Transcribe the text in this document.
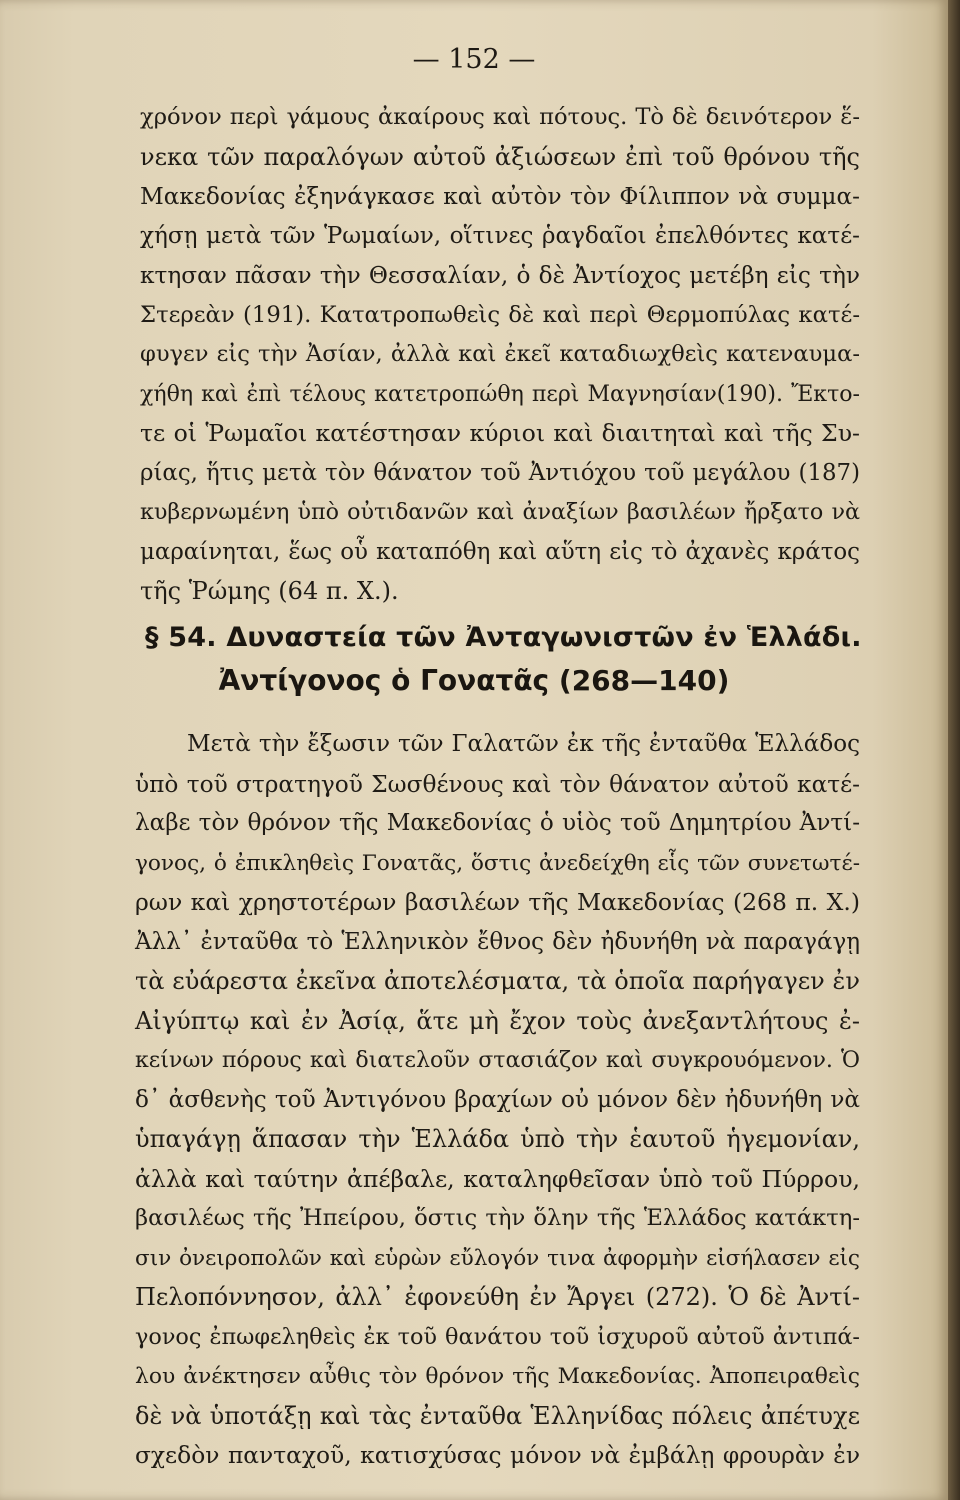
— 152 —
χρόνον περὶ γάμους ἀκαίρους καὶ πότους. Τὸ δὲ δεινότερον ἕ-
νεκα τῶν παραλόγων αὐτοῦ ἀξιώσεων ἐπὶ τοῦ θρόνου τῆς
Μακεδονίας ἐξηνάγκασε καὶ αὐτὸν τὸν Φίλιππον νὰ συμμα-
χήσῃ μετὰ τῶν Ῥωμαίων, οἵτινες ῥαγδαῖοι ἐπελθόντες κατέ-
κτησαν πᾶσαν τὴν Θεσσαλίαν, ὁ δὲ Ἀντίοχος μετέβη εἰς τὴν
Στερεὰν (191). Κατατροπωθεὶς δὲ καὶ περὶ Θερμοπύλας κατέ-
φυγεν εἰς τὴν Ἀσίαν, ἀλλὰ καὶ ἐκεῖ καταδιωχθεὶς κατεναυμα-
χήθη καὶ ἐπὶ τέλους κατετροπώθη περὶ Μαγνησίαν(190). Ἔκτο-
τε οἱ Ῥωμαῖοι κατέστησαν κύριοι καὶ διαιτηταὶ καὶ τῆς Συ-
ρίας, ἥτις μετὰ τὸν θάνατον τοῦ Ἀντιόχου τοῦ μεγάλου (187)
κυβερνωμένη ὑπὸ οὐτιδανῶν καὶ ἀναξίων βασιλέων ἤρξατο νὰ
μαραίνηται, ἕως οὗ καταπόθη καὶ αὕτη εἰς τὸ ἀχανὲς κράτος
τῆς Ῥώμης (64 π. Χ.).
§ 54. Δυναστεία τῶν Ἀνταγωνιστῶν ἐν Ἑλλάδι.
Ἀντίγονος ὁ Γονατᾶς (268—140)
Μετὰ τὴν ἔξωσιν τῶν Γαλατῶν ἐκ τῆς ἐνταῦθα Ἑλλάδος
ὑπὸ τοῦ στρατηγοῦ Σωσθένους καὶ τὸν θάνατον αὐτοῦ κατέ-
λαβε τὸν θρόνον τῆς Μακεδονίας ὁ υἱὸς τοῦ Δημητρίου Ἀντί-
γονος, ὁ ἐπικληθεὶς Γονατᾶς, ὅστις ἀνεδείχθη εἷς τῶν συνετωτέ-
ρων καὶ χρηστοτέρων βασιλέων τῆς Μακεδονίας (268 π. Χ.)
Ἀλλ᾽ ἐνταῦθα τὸ Ἑλληνικὸν ἔθνος δὲν ἠδυνήθη νὰ παραγάγῃ
τὰ εὐάρεστα ἐκεῖνα ἀποτελέσματα, τὰ ὁποῖα παρήγαγεν ἐν
Αἰγύπτῳ καὶ ἐν Ἀσίᾳ, ἅτε μὴ ἔχον τοὺς ἀνεξαντλήτους ἐ-
κείνων πόρους καὶ διατελοῦν στασιάζον καὶ συγκρουόμενον. Ὁ
δ᾽ ἀσθενὴς τοῦ Ἀντιγόνου βραχίων οὐ μόνον δὲν ἠδυνήθη νὰ
ὑπαγάγῃ ἅπασαν τὴν Ἑλλάδα ὑπὸ τὴν ἑαυτοῦ ἡγεμονίαν,
ἀλλὰ καὶ ταύτην ἀπέβαλε, καταληφθεῖσαν ὑπὸ τοῦ Πύρρου,
βασιλέως τῆς Ἠπείρου, ὅστις τὴν ὅλην τῆς Ἑλλάδος κατάκτη-
σιν ὀνειροπολῶν καὶ εὑρὼν εὔλογόν τινα ἀφορμὴν εἰσήλασεν εἰς
Πελοπόννησον, ἀλλ᾽ ἐφονεύθη ἐν Ἄργει (272). Ὁ δὲ Ἀντί-
γονος ἐπωφεληθεὶς ἐκ τοῦ θανάτου τοῦ ἰσχυροῦ αὐτοῦ ἀντιπά-
λου ἀνέκτησεν αὖθις τὸν θρόνον τῆς Μακεδονίας. Ἀποπειραθεὶς
δὲ νὰ ὑποτάξῃ καὶ τὰς ἐνταῦθα Ἑλληνίδας πόλεις ἀπέτυχε
σχεδὸν πανταχοῦ, κατισχύσας μόνον νὰ ἐμβάλῃ φρουρὰν ἐν
